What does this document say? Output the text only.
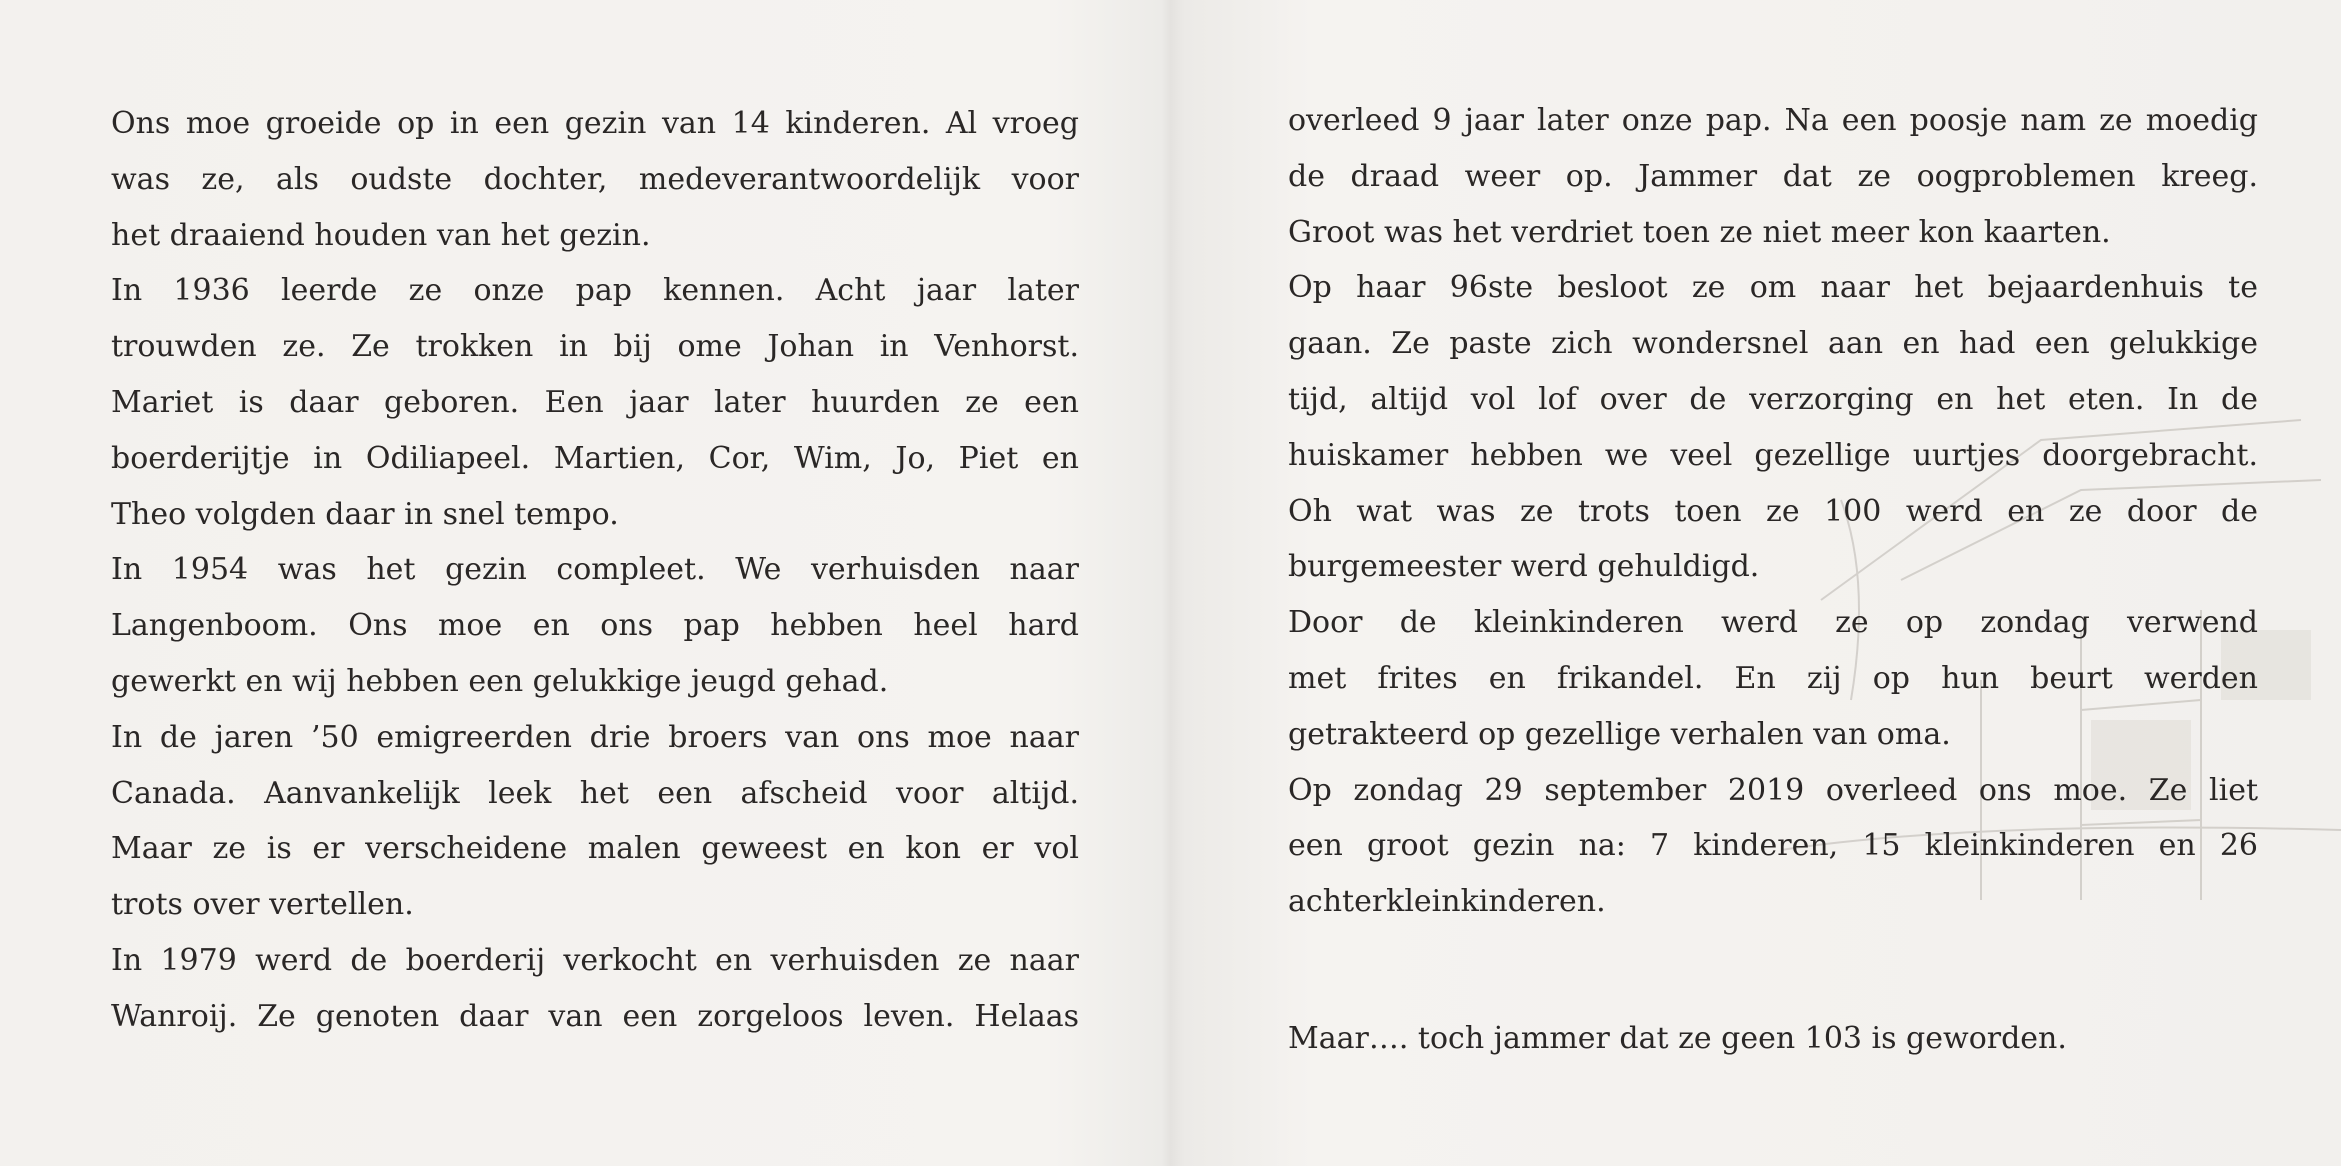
Ons moe groeide op in een gezin van 14 kinderen. Al vroeg
was ze, als oudste dochter, medeverantwoordelijk voor
het draaiend houden van het gezin.
In 1936 leerde ze onze pap kennen. Acht jaar later
trouwden ze. Ze trokken in bij ome Johan in Venhorst.
Mariet is daar geboren. Een jaar later huurden ze een
boerderijtje in Odiliapeel. Martien, Cor, Wim, Jo, Piet en
Theo volgden daar in snel tempo.
In 1954 was het gezin compleet. We verhuisden naar
Langenboom. Ons moe en ons pap hebben heel hard
gewerkt en wij hebben een gelukkige jeugd gehad.
In de jaren ’50 emigreerden drie broers van ons moe naar
Canada. Aanvankelijk leek het een afscheid voor altijd.
Maar ze is er verscheidene malen geweest en kon er vol
trots over vertellen.
In 1979 werd de boerderij verkocht en verhuisden ze naar
Wanroij. Ze genoten daar van een zorgeloos leven. Helaas
overleed 9 jaar later onze pap. Na een poosje nam ze moedig
de draad weer op. Jammer dat ze oogproblemen kreeg.
Groot was het verdriet toen ze niet meer kon kaarten.
Op haar 96ste besloot ze om naar het bejaardenhuis te
gaan. Ze paste zich wondersnel aan en had een gelukkige
tijd, altijd vol lof over de verzorging en het eten. In de
huiskamer hebben we veel gezellige uurtjes doorgebracht.
Oh wat was ze trots toen ze 100 werd en ze door de
burgemeester werd gehuldigd.
Door de kleinkinderen werd ze op zondag verwend
met frites en frikandel. En zij op hun beurt werden
getrakteerd op gezellige verhalen van oma.
Op zondag 29 september 2019 overleed ons moe. Ze liet
een groot gezin na: 7 kinderen, 15 kleinkinderen en 26
achterkleinkinderen.
Maar…. toch jammer dat ze geen 103 is geworden.
